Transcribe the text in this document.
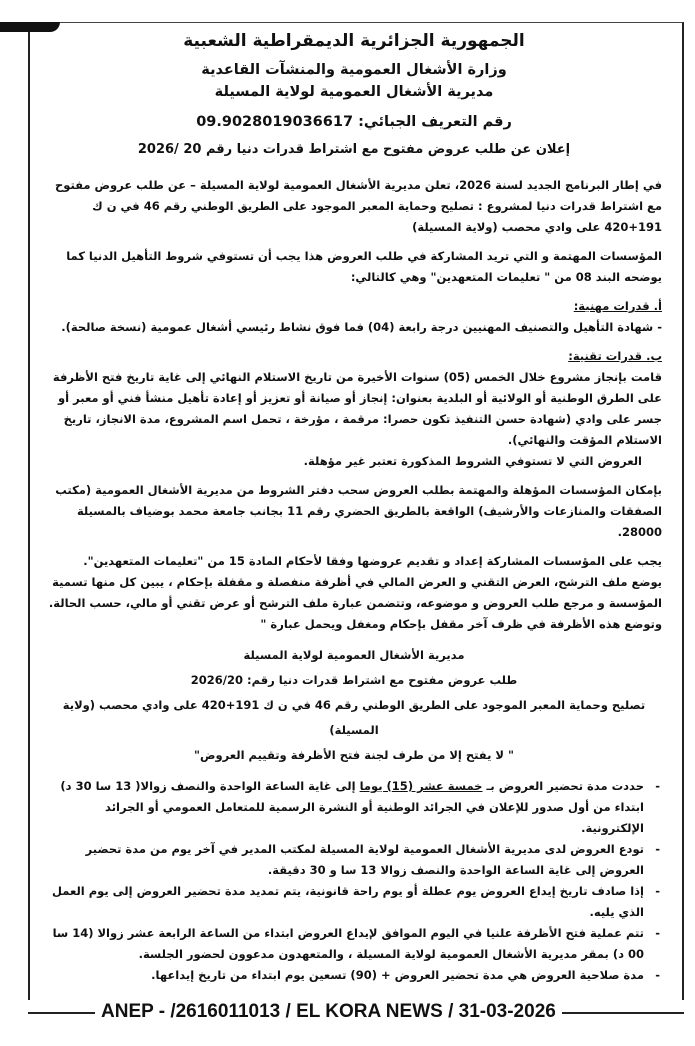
الجمهورية الجزائرية الديمقراطية الشعبية
وزارة الأشغال العمومية والمنشآت القاعدية
مديرية الأشغال العمومية لولاية المسيلة
رقم التعريف الجبائي: 09.9028019036617
إعلان عن طلب عروض مفتوح مع اشتراط قدرات دنيا رقم 20 /2026
في إطار البرنامج الجديد لسنة 2026، تعلن مديرية الأشغال العمومية لولاية المسيلة – عن طلب عروض مفتوح مع اشتراط قدرات دنيا لمشروع : تصليح وحماية المعبر الموجود على الطريق الوطني رقم 46 في ن ك 191+420 على وادي محصب (ولاية المسيلة)
المؤسسات المهتمة و التي تريد المشاركة في طلب العروض هذا يجب أن تستوفي شروط التأهيل الدنيا كما يوضحه البند 08 من " تعليمات المتعهدين" وهي كالتالي:
أ. قدرات مهنية:
- شهادة التأهيل والتصنيف المهنيين درجة رابعة (04) فما فوق نشاط رئيسي أشغال عمومية (نسخة صالحة).
ب. قدرات تقنية:
قامت بإنجاز مشروع خلال الخمس (05) سنوات الأخيرة من تاريخ الاستلام النهائي إلى غاية تاريخ فتح الأظرفة على الطرق الوطنية أو الولائية أو البلدية بعنوان: إنجاز أو صيانة أو تعزيز أو إعادة تأهيل منشأ فني أو معبر أو جسر على وادي (شهادة حسن التنفيذ تكون حصرا: مرقمة ، مؤرخة ، تحمل اسم المشروع، مدة الانجاز، تاريخ الاستلام المؤقت والنهائي).
العروض التي لا تستوفي الشروط المذكورة تعتبر غير مؤهلة.
بإمكان المؤسسات المؤهلة والمهتمة بطلب العروض سحب دفتر الشروط من مديرية الأشغال العمومية (مكتب الصفقات والمنازعات والأرشيف) الواقعة بالطريق الحضري رقم 11 بجانب جامعة محمد بوضياف بالمسيلة 28000.
يجب على المؤسسات المشاركة إعداد و تقديم عروضها وفقا لأحكام المادة 15 من "تعليمات المتعهدين".
يوضع ملف الترشح، العرض التقني و العرض المالي في أظرفة منفصلة و مقفلة بإحكام ، يبين كل منها تسمية المؤسسة و مرجع طلب العروض و موضوعه، وتتضمن عبارة ملف الترشح أو عرض تقني أو مالي، حسب الحالة. وتوضع هذه الأظرفة في ظرف آخر مقفل بإحكام ومغفل ويحمل عبارة "
مديرية الأشغال العمومية لولاية المسيلة
طلب عروض مفتوح مع اشتراط قدرات دنيا رقم: 2026/20
تصليح وحماية المعبر الموجود على الطريق الوطني رقم 46 في ن ك 191+420 على وادي محصب (ولاية المسيلة)
" لا يفتح إلا من طرف لجنة فتح الأظرفة وتقييم العروض"
- حددت مدة تحضير العروض بـ خمسة عشر (15) يوما إلى غاية الساعة الواحدة والنصف زوالا( 13 سا 30 د) ابتداء من أول صدور للإعلان في الجرائد الوطنية أو النشرة الرسمية للمتعامل العمومي أو الجرائد الإلكترونية.
- تودع العروض لدى مديرية الأشغال العمومية لولاية المسيلة لمكتب المدير في آخر يوم من مدة تحضير العروض إلى غاية الساعة الواحدة والنصف زوالا 13 سا و 30 دقيقة.
- إذا صادف تاريخ إيداع العروض يوم عطلة أو يوم راحة قانونية، يتم تمديد مدة تحضير العروض إلى يوم العمل الذي يليه.
- تتم عملية فتح الأظرفة علنيا في اليوم الموافق لإيداع العروض ابتداء من الساعة الرابعة عشر زوالا (14 سا 00 د) بمقر مديرية الأشغال العمومية لولاية المسيلة ، والمتعهدون مدعوون لحضور الجلسة.
- مدة صلاحية العروض هي مدة تحضير العروض + (90) تسعين يوم ابتداء من تاريخ إيداعها.
ANEP - /2616011013 / EL KORA NEWS / 31-03-2026
